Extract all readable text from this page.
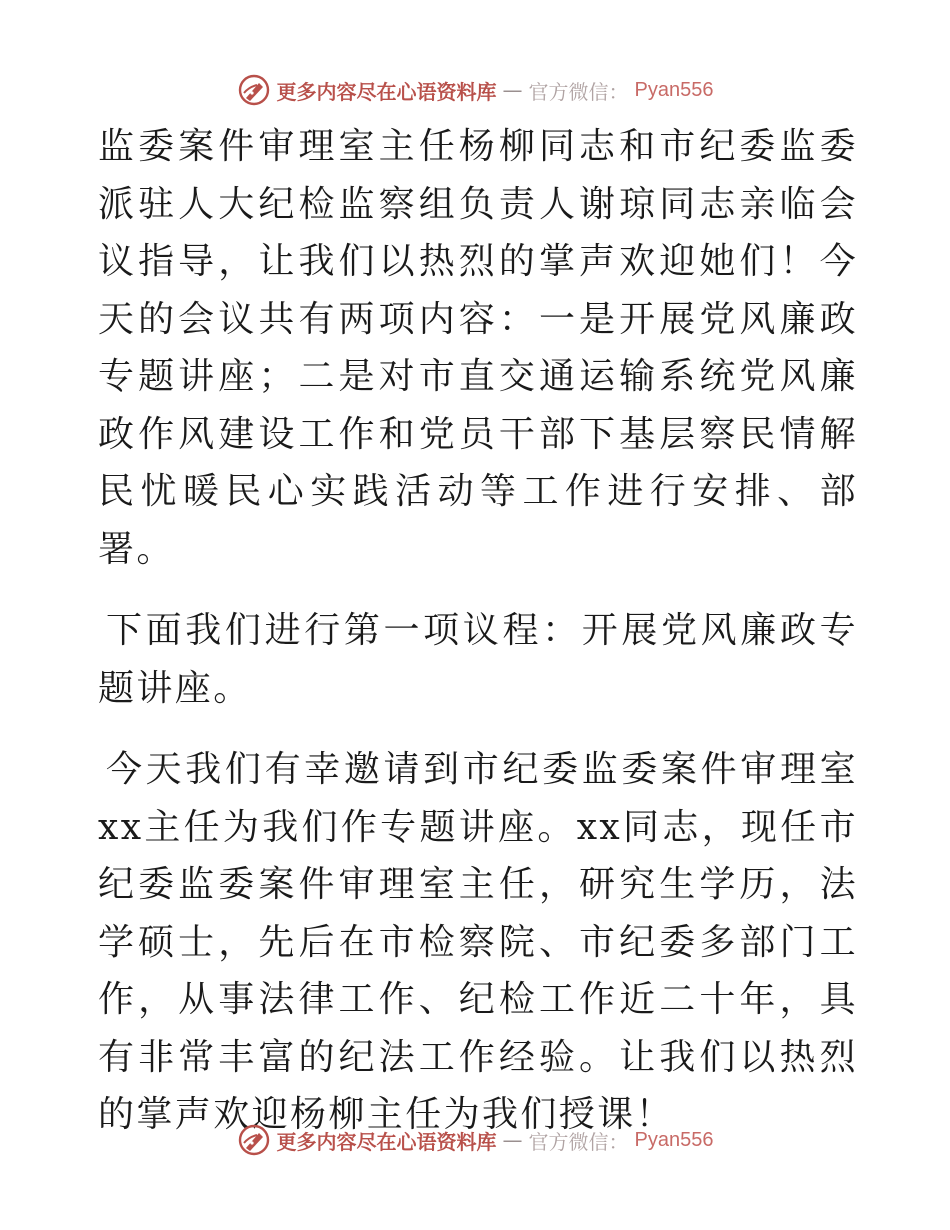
更多内容尽在心语资料库 — 官方微信： Pyan556

监委案件审理室主任杨柳同志和市纪委监委派驻人大纪检监察组负责人谢琼同志亲临会议指导，让我们以热烈的掌声欢迎她们！今天的会议共有两项内容：一是开展党风廉政专题讲座；二是对市直交通运输系统党风廉政作风建设工作和党员干部下基层察民情解民忧暖民心实践活动等工作进行安排、部署。

下面我们进行第一项议程：开展党风廉政专题讲座。

今天我们有幸邀请到市纪委监委案件审理室xx主任为我们作专题讲座。xx同志，现任市纪委监委案件审理室主任，研究生学历，法学硕士，先后在市检察院、市纪委多部门工作，从事法律工作、纪检工作近二十年，具有非常丰富的纪法工作经验。让我们以热烈的掌声欢迎杨柳主任为我们授课！

更多内容尽在心语资料库 — 官方微信： Pyan556
